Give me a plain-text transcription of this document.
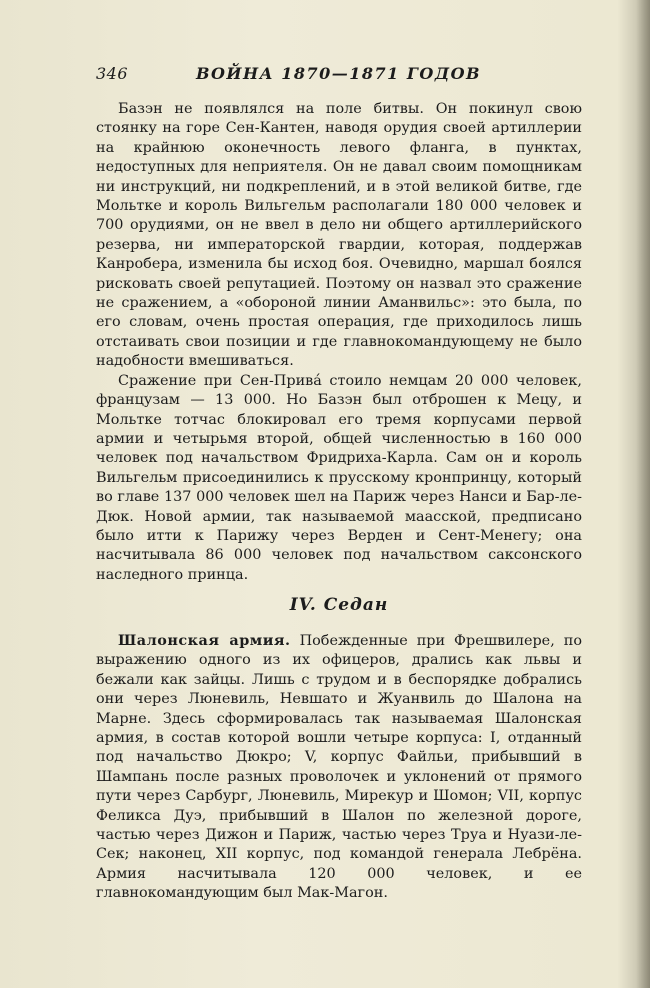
346	ВОЙНА 1870—1871 ГОДОВ

Базэн не появлялся на поле битвы. Он покинул свою стоянку на горе Сен-Кантен, наводя орудия своей артиллерии на крайнюю оконечность левого фланга, в пунктах, недоступных для неприятеля. Он не давал своим помощникам ни инструкций, ни подкреплений, и в этой великой битве, где Мольтке и король Вильгельм располагали 180 000 человек и 700 орудиями, он не ввел в дело ни общего артиллерийского резерва, ни императорской гвардии, которая, поддержав Канробера, изменила бы исход боя. Очевидно, маршал боялся рисковать своей репутацией. Поэтому он назвал это сражение не сражением, а «обороной линии Аманвильс»: это была, по его словам, очень простая операция, где приходилось лишь отстаивать свои позиции и где главнокомандующему не было надобности вмешиваться.

Сражение при Сен-Привá стоило немцам 20 000 человек, французам — 13 000. Но Базэн был отброшен к Мецу, и Мольтке тотчас блокировал его тремя корпусами первой армии и четырьмя второй, общей численностью в 160 000 человек под начальством Фридриха-Карла. Сам он и король Вильгельм присоединились к прусскому кронпринцу, который во главе 137 000 человек шел на Париж через Нанси и Бар-ле-Дюк. Новой армии, так называемой маасской, предписано было итти к Парижу через Верден и Сент-Менегу; она насчитывала 86 000 человек под начальством саксонского наследного принца.

IV. Седан

Шалонская армия. Побежденные при Фрешвилере, по выражению одного из их офицеров, дрались как львы и бежали как зайцы. Лишь с трудом и в беспорядке добрались они через Люневиль, Невшато и Жуанвиль до Шалона на Марне. Здесь сформировалась так называемая Шалонская армия, в состав которой вошли четыре корпуса: I, отданный под начальство Дюкро; V, корпус Файльи, прибывший в Шампань после разных проволочек и уклонений от прямого пути через Сарбург, Люневиль, Мирекур и Шомон; VII, корпус Феликса Дуэ, прибывший в Шалон по железной дороге, частью через Дижон и Париж, частью через Труа и Нуази-ле-Сек; наконец, XII корпус, под командой генерала Лебрёна. Армия насчитывала 120 000 человек, и ее главнокомандующим был Мак-Магон.
